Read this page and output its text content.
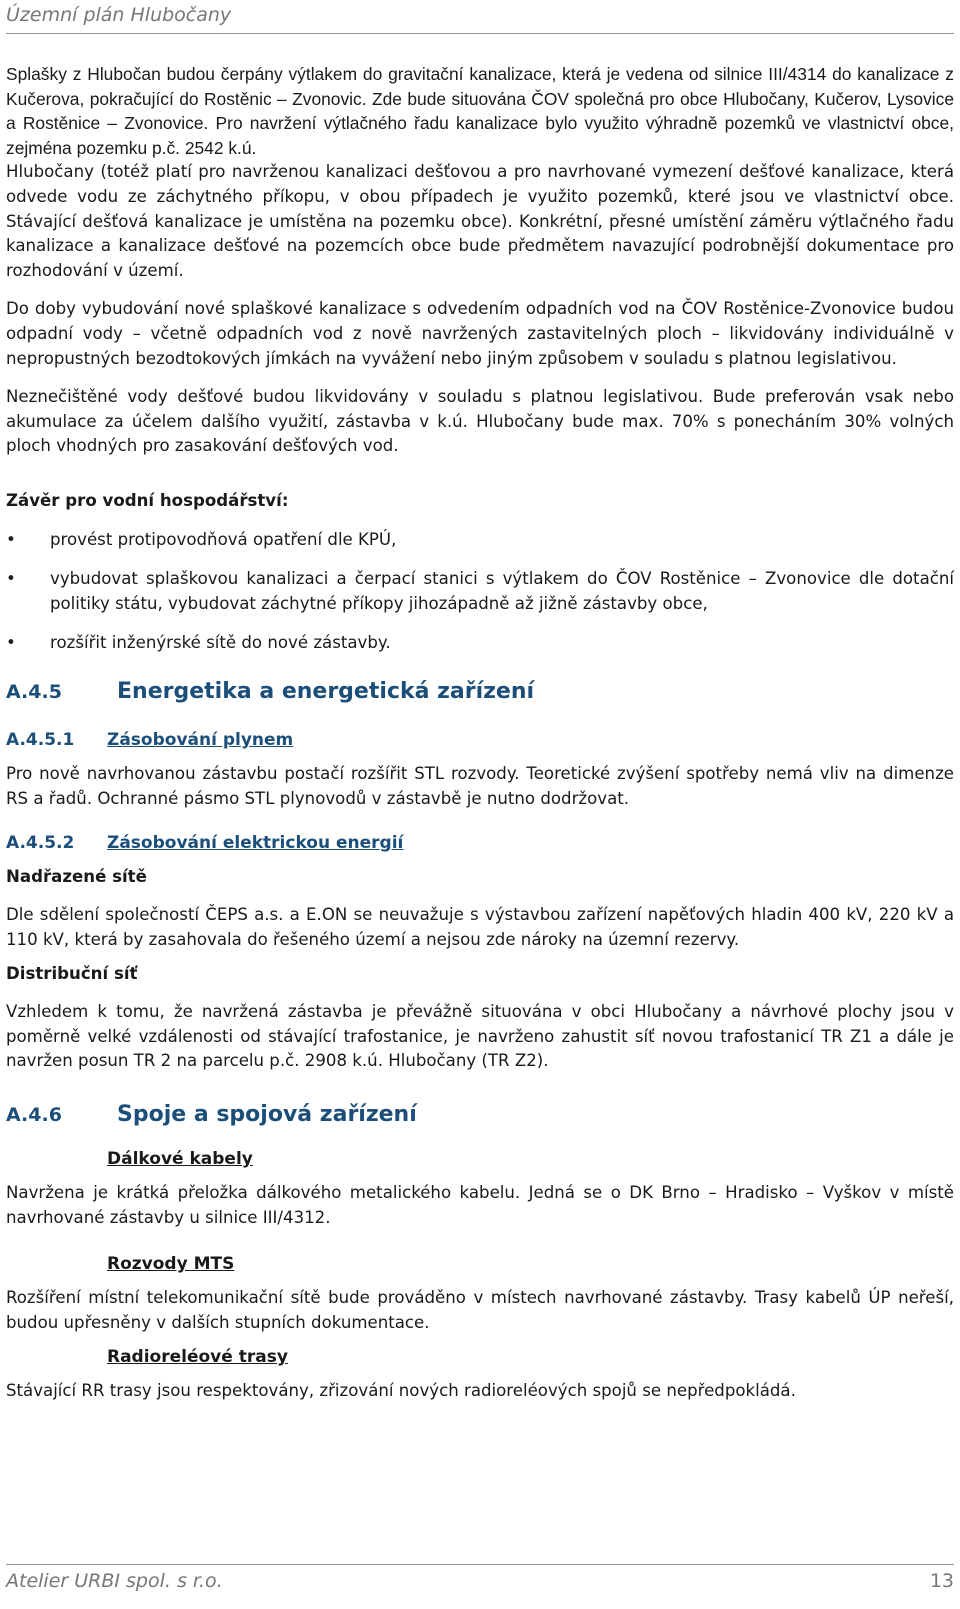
Územní plán Hlubočany

Splašky z Hlubočan budou čerpány výtlakem do gravitační kanalizace, která je vedena od silnice III/4314 do kanalizace z Kučerova, pokračující do Rostěnic – Zvonovic. Zde bude situována ČOV společná pro obce Hlubočany, Kučerov, Lysovice a Rostěnice – Zvonovice. Pro navržení výtlačného řadu kanalizace bylo využito výhradně pozemků ve vlastnictví obce, zejména pozemku p.č. 2542 k.ú.

Hlubočany (totéž platí pro navrženou kanalizaci dešťovou a pro navrhované vymezení dešťové kanalizace, která odvede vodu ze záchytného příkopu, v obou případech je využito pozemků, které jsou ve vlastnictví obce. Stávající dešťová kanalizace je umístěna na pozemku obce). Konkrétní, přesné umístění záměru výtlačného řadu kanalizace a kanalizace dešťové na pozemcích obce bude předmětem navazující podrobnější dokumentace pro rozhodování v území.

Do doby vybudování nové splaškové kanalizace s odvedením odpadních vod na ČOV Rostěnice-Zvonovice budou odpadní vody – včetně odpadních vod z nově navržených zastavitelných ploch – likvidovány individuálně v nepropustných bezodtokových jímkách na vyvážení nebo jiným způsobem v souladu s platnou legislativou.

Neznečištěné vody dešťové budou likvidovány v souladu s platnou legislativou. Bude preferován vsak nebo akumulace za účelem dalšího využití, zástavba v k.ú. Hlubočany bude max. 70% s ponecháním 30% volných ploch vhodných pro zasakování dešťových vod.

Závěr pro vodní hospodářství:

• provést protipovodňová opatření dle KPÚ,
• vybudovat splaškovou kanalizaci a čerpací stanici s výtlakem do ČOV Rostěnice – Zvonovice dle dotační politiky státu, vybudovat záchytné příkopy jihozápadně až jižně zástavby obce,
• rozšířit inženýrské sítě do nové zástavby.
A.4.5	Energetika a energetická zařízení
A.4.5.1	Zásobování plynem

Pro nově navrhovanou zástavbu postačí rozšířit STL rozvody. Teoretické zvýšení spotřeby nemá vliv na dimenze RS a řadů. Ochranné pásmo STL plynovodů v zástavbě je nutno dodržovat.

A.4.5.2	Zásobování elektrickou energií

Nadřazené sítě

Dle sdělení společností ČEPS a.s. a E.ON se neuvažuje s výstavbou zařízení napěťových hladin 400 kV, 220 kV a 110 kV, která by zasahovala do řešeného území a nejsou zde nároky na územní rezervy.

Distribuční síť

Vzhledem k tomu, že navržená zástavba je převážně situována v obci Hlubočany a návrhové plochy jsou v poměrně velké vzdálenosti od stávající trafostanice, je navrženo zahustit síť novou trafostanicí TR Z1 a dále je navržen posun TR 2 na parcelu p.č. 2908 k.ú. Hlubočany (TR Z2).

A.4.6	Spoje a spojová zařízení

Dálkové kabely

Navržena je krátká přeložka dálkového metalického kabelu. Jedná se o DK Brno – Hradisko – Vyškov v místě navrhované zástavby u silnice III/4312.

Rozvody MTS

Rozšíření místní telekomunikační sítě bude prováděno v místech navrhované zástavby. Trasy kabelů ÚP neřeší, budou upřesněny v dalších stupních dokumentace.

Radioreléové trasy

Stávající RR trasy jsou respektovány, zřizování nových radioreléových spojů se nepředpokládá.

Atelier URBI spol. s r.o.	13
